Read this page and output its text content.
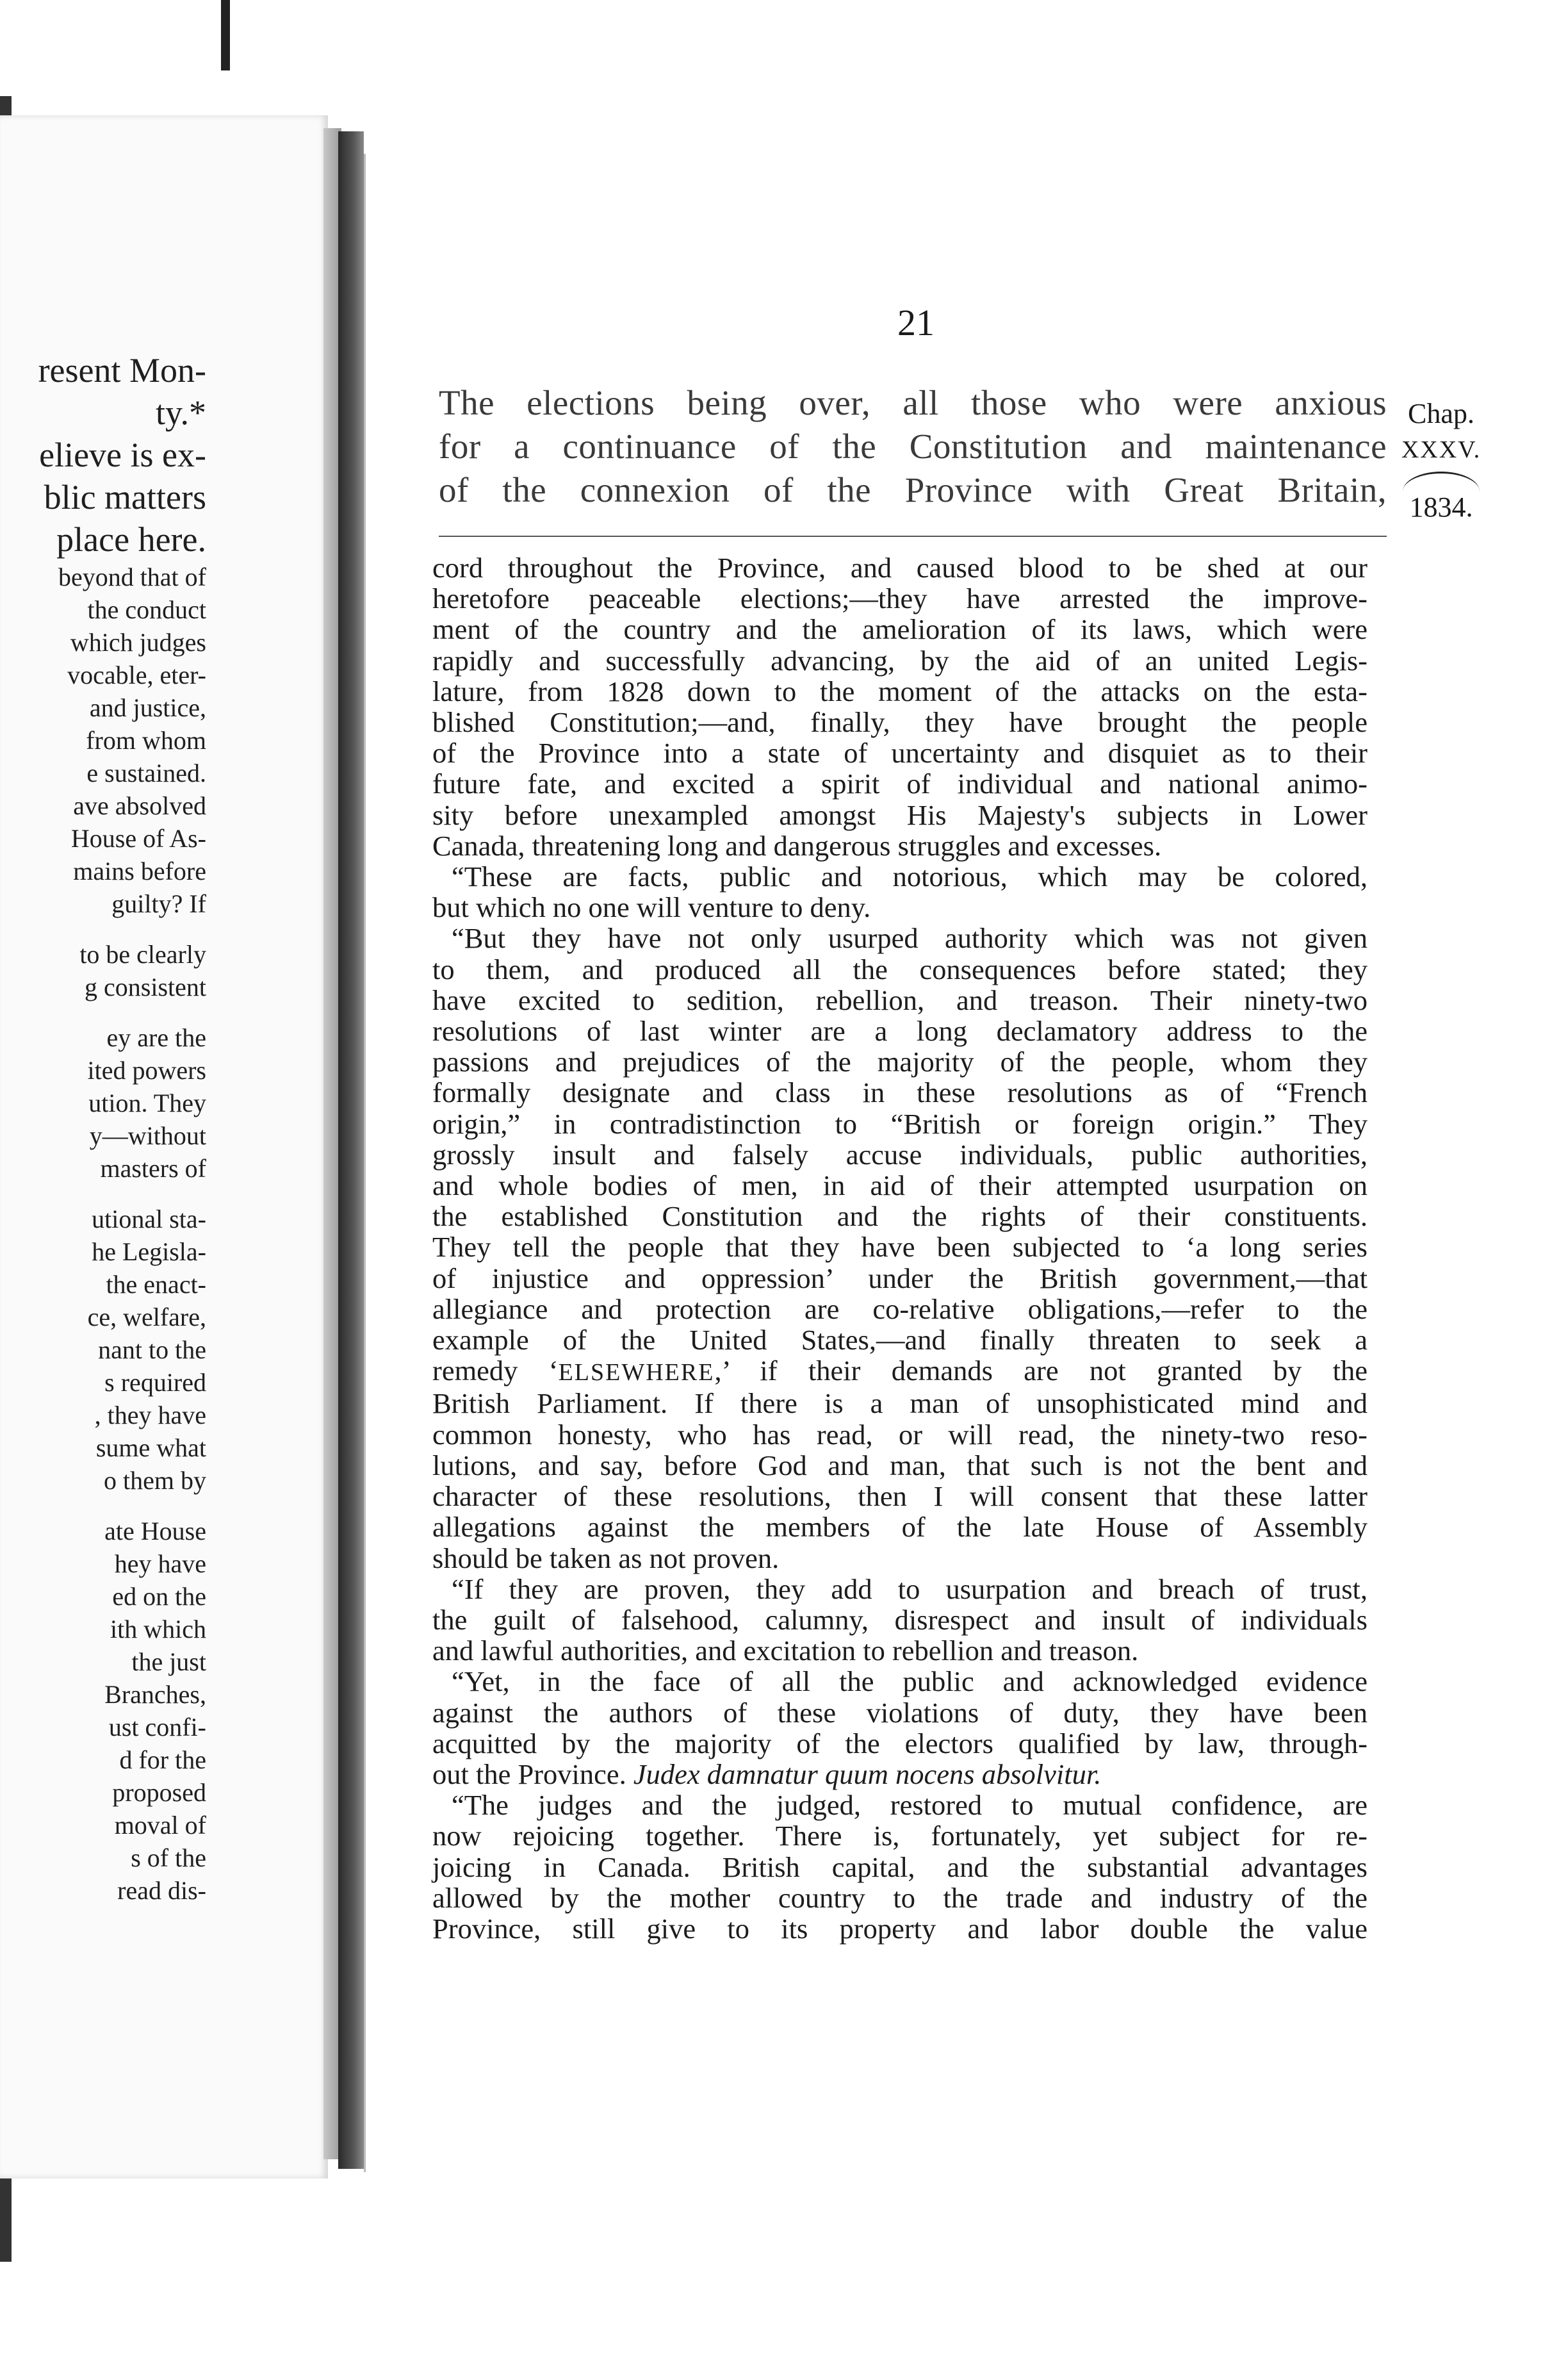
resent Mon-
ty.*
elieve is ex-
blic matters
place here.
beyond that of
the conduct
which judges
vocable, eter-
and justice,
from whom
e sustained.
ave absolved
House of As-
mains before
guilty? If
to be clearly
g consistent
ey are the
ited powers
ution. They
y—without
masters of
utional sta-
he Legisla-
the enact-
ce, welfare,
nant to the
s required
, they have
sume what
o them by
ate House
hey have
ed on the
ith which
the just
Branches,
ust confi-
d for the
proposed
moval of
s of the
read dis-
21
The elections being over, all those who were anxious
for a continuance of the Constitution and maintenance
of the connexion of the Province with Great Britain,
Chap.
XXXV.
1834.
cord throughout the Province, and caused blood to be shed at our
heretofore peaceable elections;—they have arrested the improve-
ment of the country and the amelioration of its laws, which were
rapidly and successfully advancing, by the aid of an united Legis-
lature, from 1828 down to the moment of the attacks on the esta-
blished Constitution;—and, finally, they have brought the people
of the Province into a state of uncertainty and disquiet as to their
future fate, and excited a spirit of individual and national animo-
sity before unexampled amongst His Majesty's subjects in Lower
Canada, threatening long and dangerous struggles and excesses.
“These are facts, public and notorious, which may be colored,
but which no one will venture to deny.
“But they have not only usurped authority which was not given
to them, and produced all the consequences before stated; they
have excited to sedition, rebellion, and treason. Their ninety-two
resolutions of last winter are a long declamatory address to the
passions and prejudices of the majority of the people, whom they
formally designate and class in these resolutions as of “French
origin,” in contradistinction to “British or foreign origin.” They
grossly insult and falsely accuse individuals, public authorities,
and whole bodies of men, in aid of their attempted usurpation on
the established Constitution and the rights of their constituents.
They tell the people that they have been subjected to ‘a long series
of injustice and oppression’ under the British government,—that
allegiance and protection are co-relative obligations,—refer to the
example of the United States,—and finally threaten to seek a
remedy ‘ELSEWHERE,’ if their demands are not granted by the
British Parliament. If there is a man of unsophisticated mind and
common honesty, who has read, or will read, the ninety-two reso-
lutions, and say, before God and man, that such is not the bent and
character of these resolutions, then I will consent that these latter
allegations against the members of the late House of Assembly
should be taken as not proven.
“If they are proven, they add to usurpation and breach of trust,
the guilt of falsehood, calumny, disrespect and insult of individuals
and lawful authorities, and excitation to rebellion and treason.
“Yet, in the face of all the public and acknowledged evidence
against the authors of these violations of duty, they have been
acquitted by the majority of the electors qualified by law, through-
out the Province. Judex damnatur quum nocens absolvitur.
“The judges and the judged, restored to mutual confidence, are
now rejoicing together. There is, fortunately, yet subject for re-
joicing in Canada. British capital, and the substantial advantages
allowed by the mother country to the trade and industry of the
Province, still give to its property and labor double the value
